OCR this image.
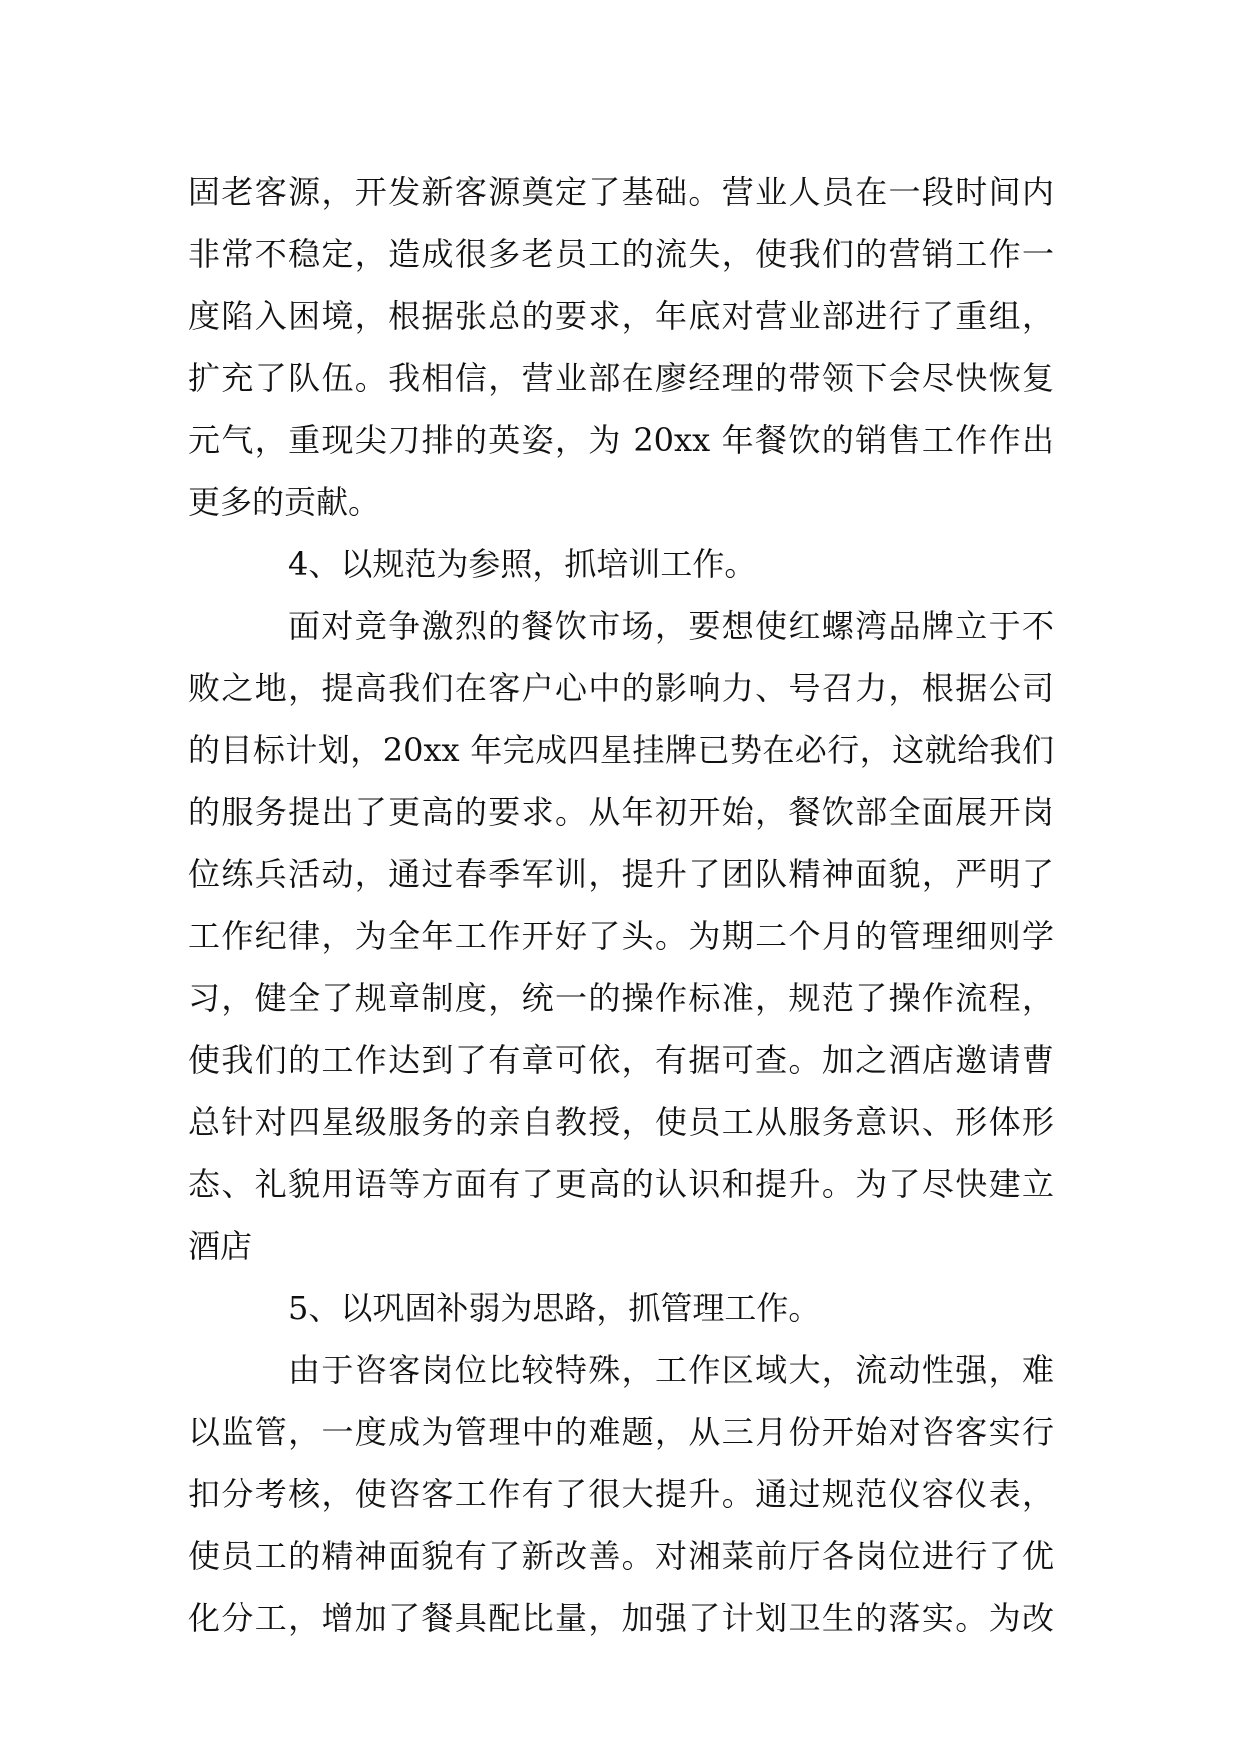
固老客源，开发新客源奠定了基础。营业人员在一段时间内
非常不稳定，造成很多老员工的流失，使我们的营销工作一
度陷入困境，根据张总的要求，年底对营业部进行了重组，
扩充了队伍。我相信，营业部在廖经理的带领下会尽快恢复
元气，重现尖刀排的英姿，为 20xx 年餐饮的销售工作作出
更多的贡献。
4、以规范为参照，抓培训工作。
面对竞争激烈的餐饮市场，要想使红螺湾品牌立于不
败之地，提高我们在客户心中的影响力、号召力，根据公司
的目标计划，20xx 年完成四星挂牌已势在必行，这就给我们
的服务提出了更高的要求。从年初开始，餐饮部全面展开岗
位练兵活动，通过春季军训，提升了团队精神面貌，严明了
工作纪律，为全年工作开好了头。为期二个月的管理细则学
习，健全了规章制度，统一的操作标准，规范了操作流程，
使我们的工作达到了有章可依，有据可查。加之酒店邀请曹
总针对四星级服务的亲自教授，使员工从服务意识、形体形
态、礼貌用语等方面有了更高的认识和提升。为了尽快建立
酒店
5、以巩固补弱为思路，抓管理工作。
由于咨客岗位比较特殊，工作区域大，流动性强，难
以监管，一度成为管理中的难题，从三月份开始对咨客实行
扣分考核，使咨客工作有了很大提升。通过规范仪容仪表，
使员工的精神面貌有了新改善。对湘菜前厅各岗位进行了优
化分工，增加了餐具配比量，加强了计划卫生的落实。为改
